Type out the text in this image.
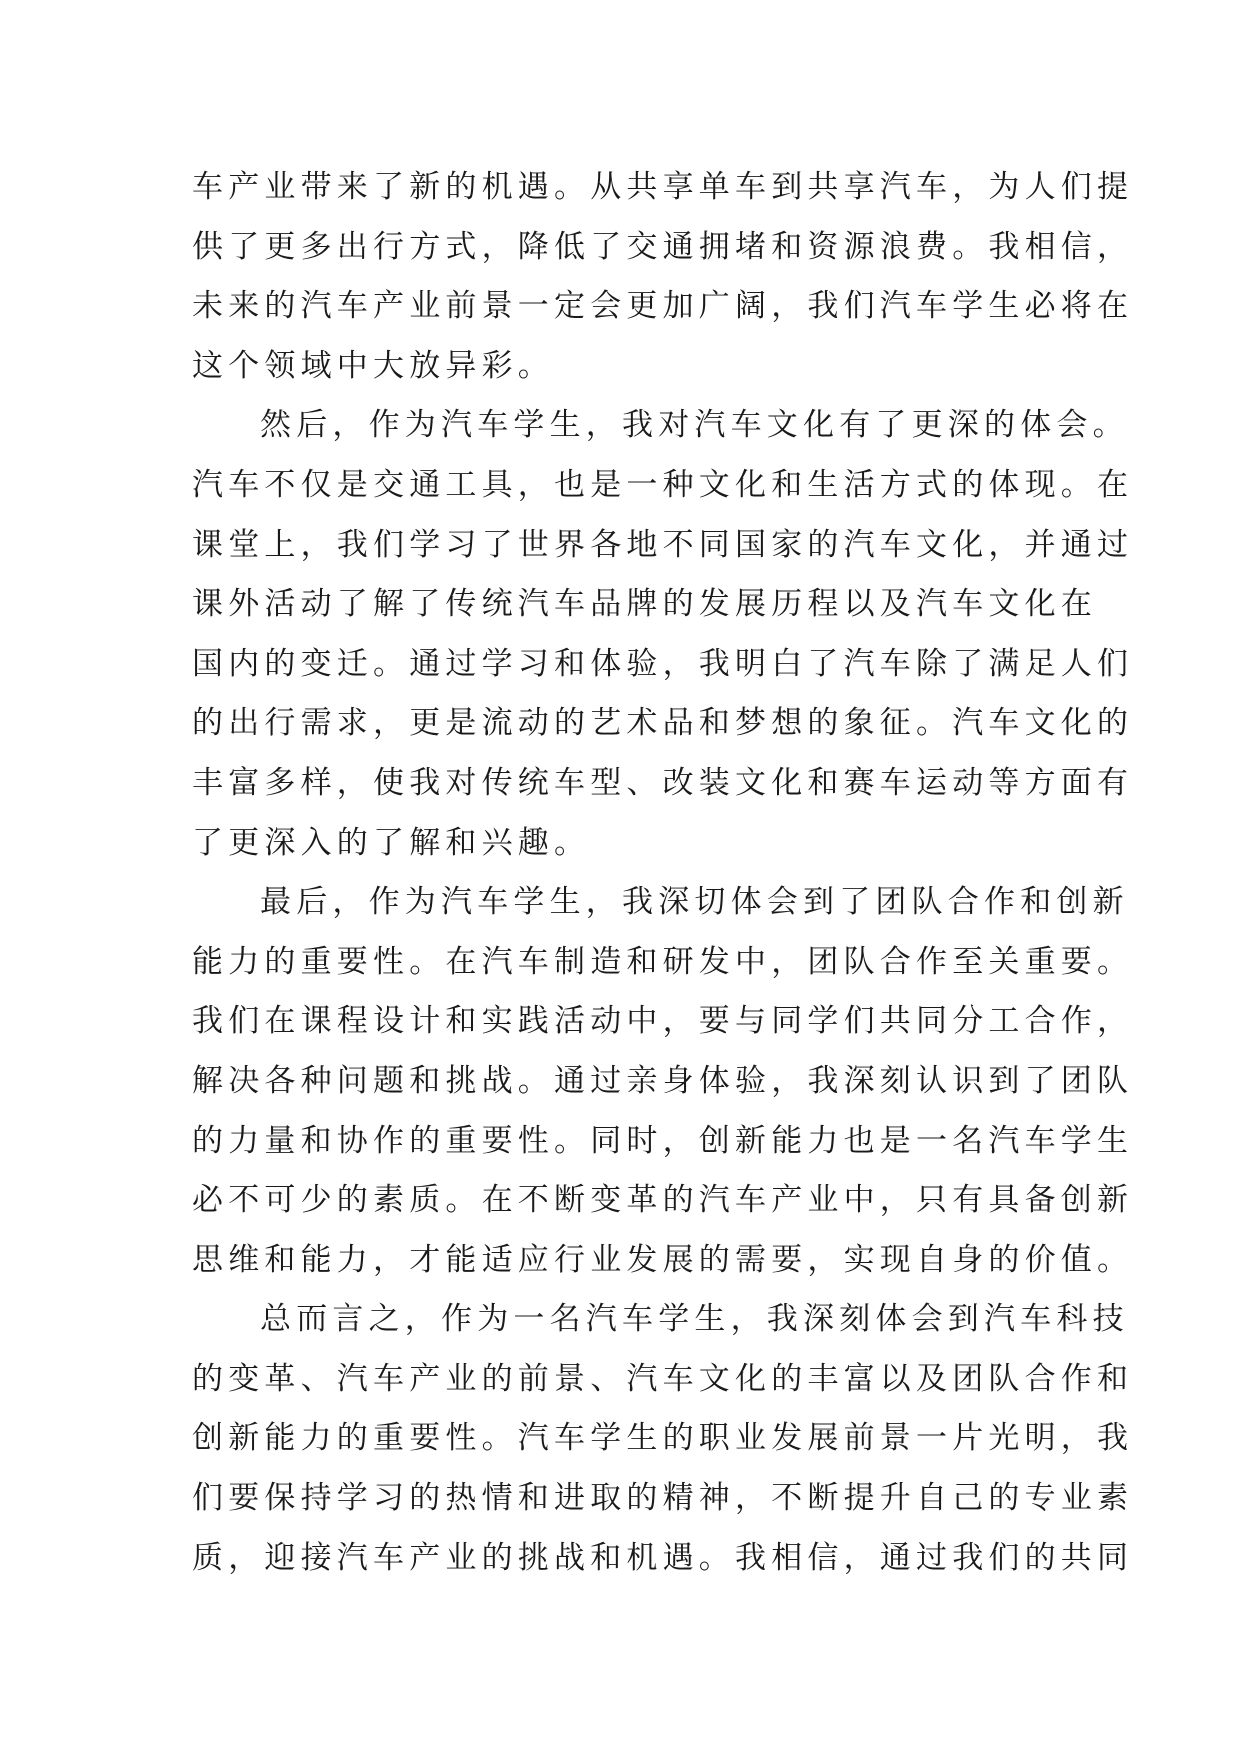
车产业带来了新的机遇。从共享单车到共享汽车，为人们提
供了更多出行方式，降低了交通拥堵和资源浪费。我相信，
未来的汽车产业前景一定会更加广阔，我们汽车学生必将在
这个领域中大放异彩。
然后，作为汽车学生，我对汽车文化有了更深的体会。
汽车不仅是交通工具，也是一种文化和生活方式的体现。在
课堂上，我们学习了世界各地不同国家的汽车文化，并通过
课外活动了解了传统汽车品牌的发展历程以及汽车文化在
国内的变迁。通过学习和体验，我明白了汽车除了满足人们
的出行需求，更是流动的艺术品和梦想的象征。汽车文化的
丰富多样，使我对传统车型、改装文化和赛车运动等方面有
了更深入的了解和兴趣。
最后，作为汽车学生，我深切体会到了团队合作和创新
能力的重要性。在汽车制造和研发中，团队合作至关重要。
我们在课程设计和实践活动中，要与同学们共同分工合作，
解决各种问题和挑战。通过亲身体验，我深刻认识到了团队
的力量和协作的重要性。同时，创新能力也是一名汽车学生
必不可少的素质。在不断变革的汽车产业中，只有具备创新
思维和能力，才能适应行业发展的需要，实现自身的价值。
总而言之，作为一名汽车学生，我深刻体会到汽车科技
的变革、汽车产业的前景、汽车文化的丰富以及团队合作和
创新能力的重要性。汽车学生的职业发展前景一片光明，我
们要保持学习的热情和进取的精神，不断提升自己的专业素
质，迎接汽车产业的挑战和机遇。我相信，通过我们的共同
